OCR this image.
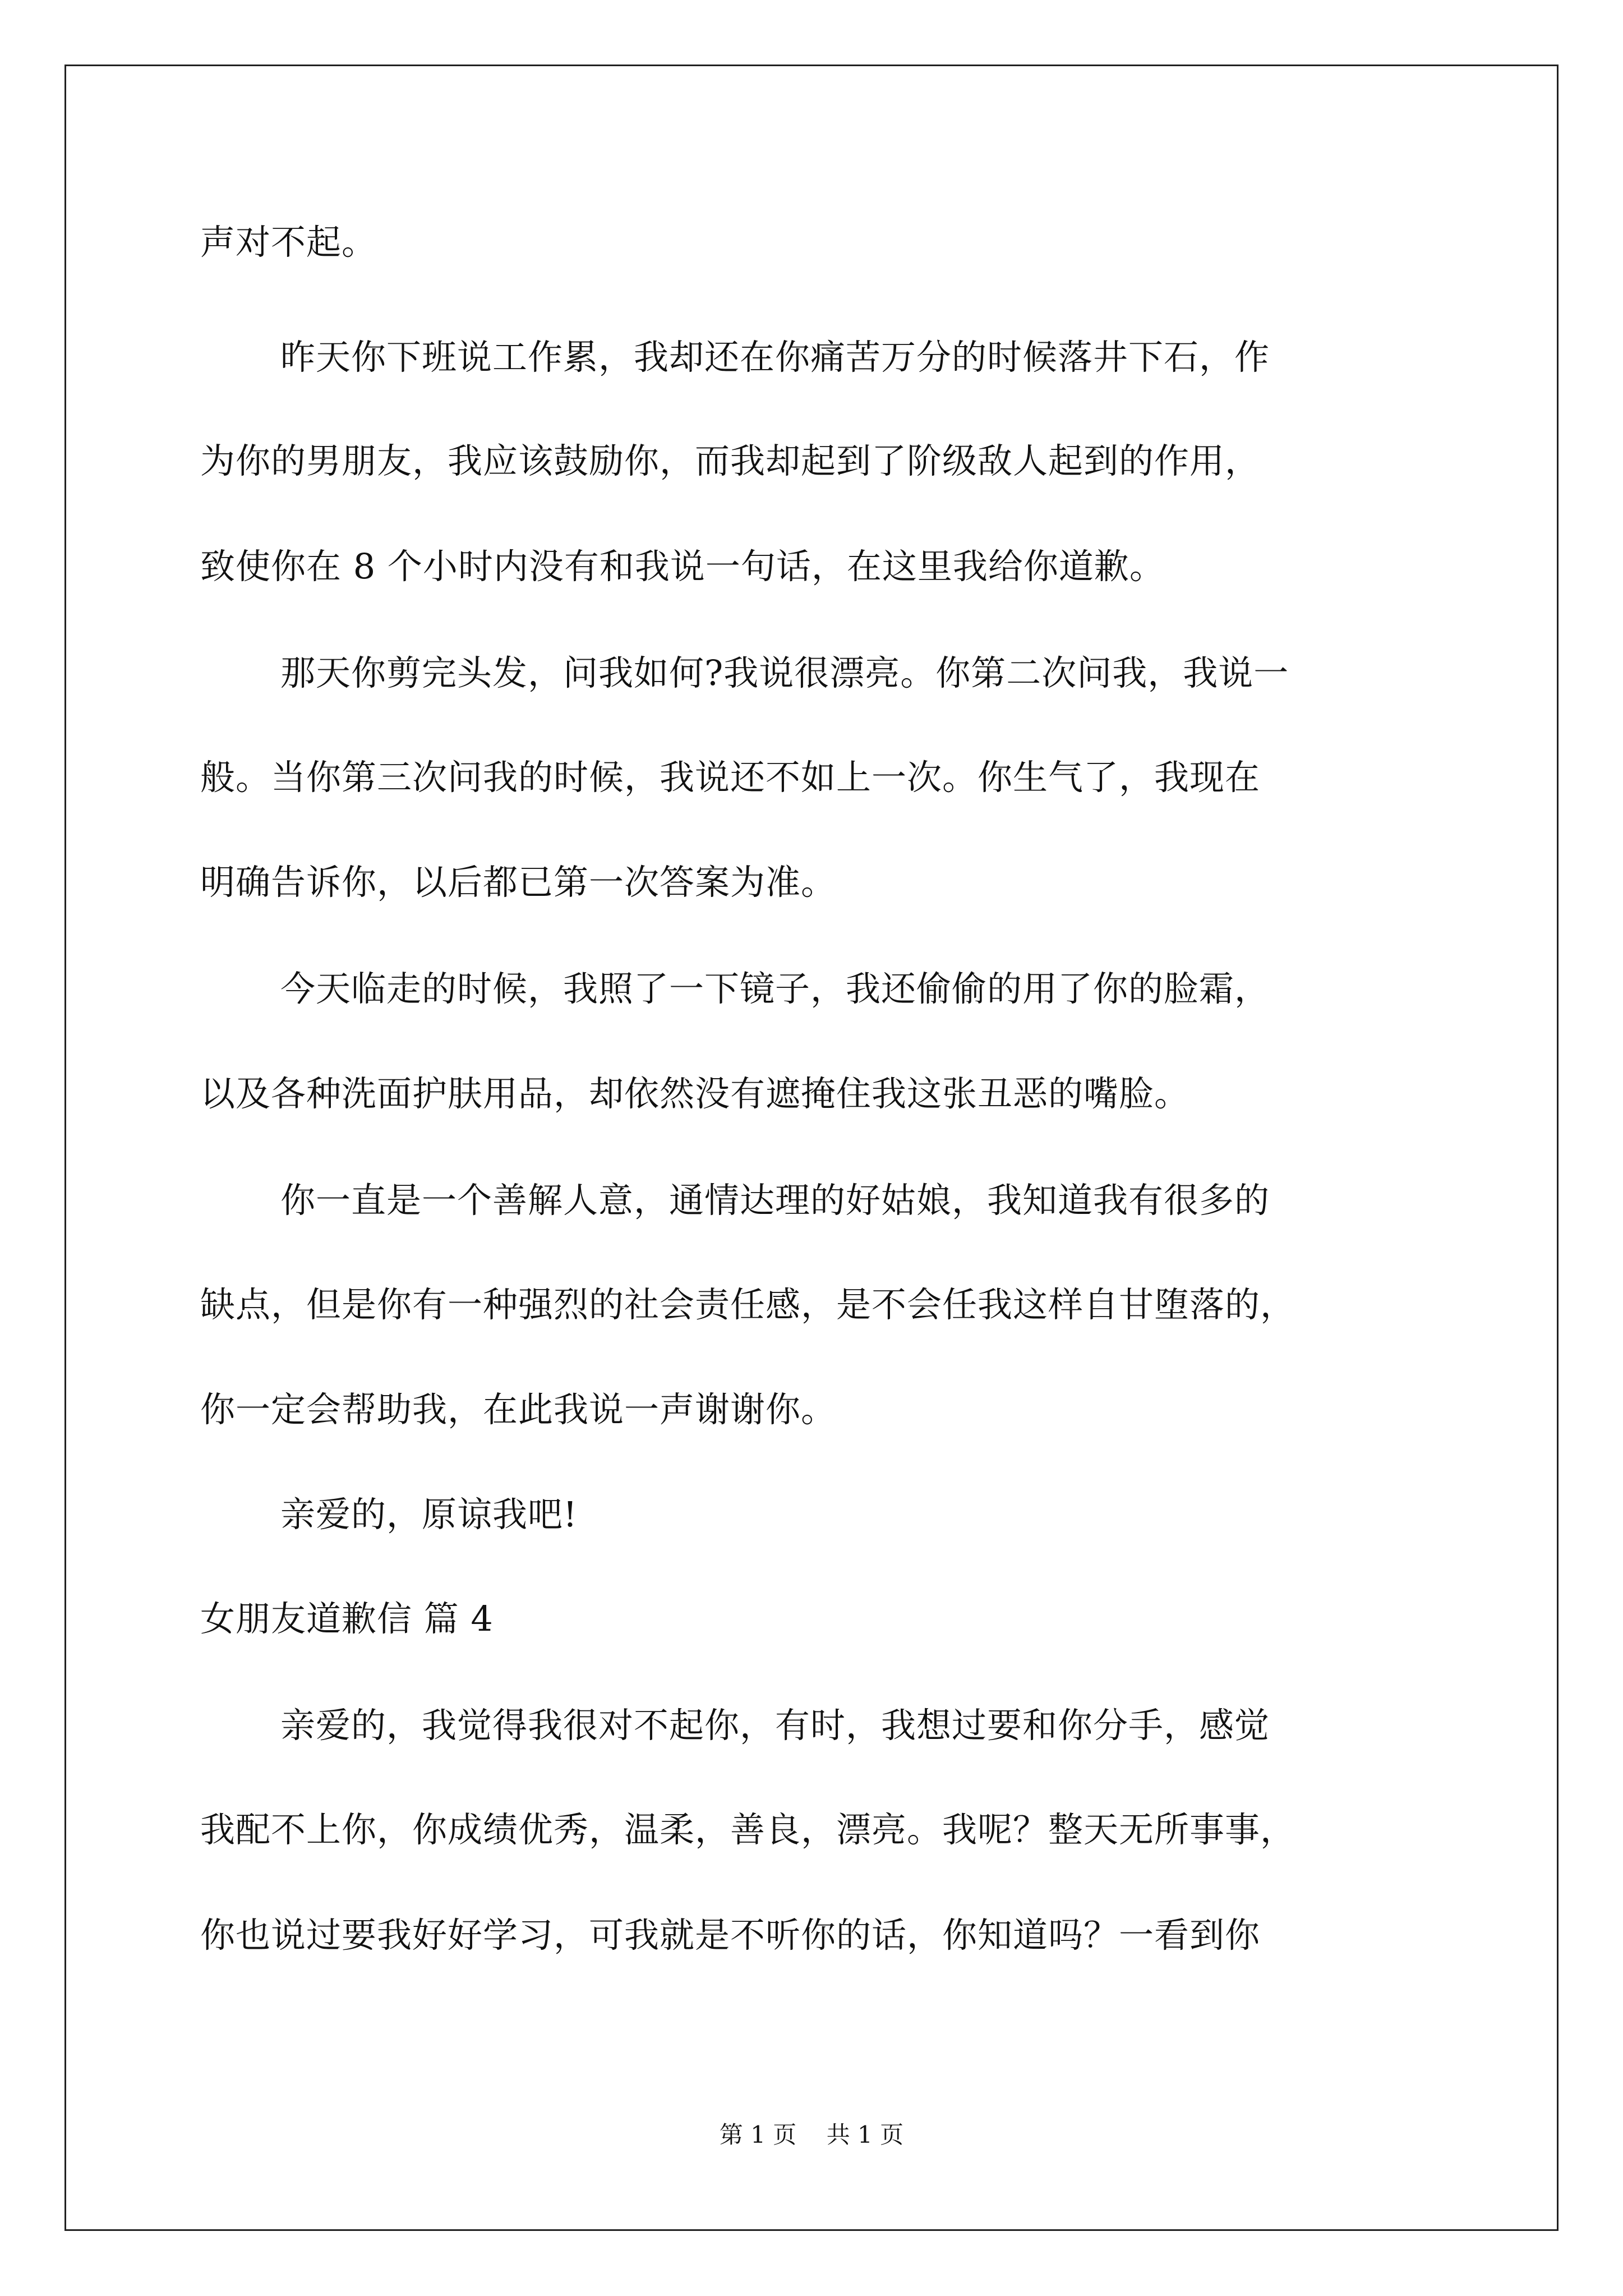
声对不起。
昨天你下班说工作累，我却还在你痛苦万分的时候落井下石，作
为你的男朋友，我应该鼓励你，而我却起到了阶级敌人起到的作用，
致使你在 8 个小时内没有和我说一句话，在这里我给你道歉。
那天你剪完头发，问我如何?我说很漂亮。你第二次问我，我说一
般。当你第三次问我的时候，我说还不如上一次。你生气了，我现在
明确告诉你，以后都已第一次答案为准。
今天临走的时候，我照了一下镜子，我还偷偷的用了你的脸霜，
以及各种洗面护肤用品，却依然没有遮掩住我这张丑恶的嘴脸。
你一直是一个善解人意，通情达理的好姑娘，我知道我有很多的
缺点，但是你有一种强烈的社会责任感，是不会任我这样自甘堕落的，
你一定会帮助我，在此我说一声谢谢你。
亲爱的，原谅我吧!
女朋友道歉信 篇 4
亲爱的，我觉得我很对不起你，有时，我想过要和你分手，感觉
我配不上你，你成绩优秀，温柔，善良，漂亮。我呢？整天无所事事，
你也说过要我好好学习，可我就是不听你的话，你知道吗？一看到你
第 1 页    共 1 页
